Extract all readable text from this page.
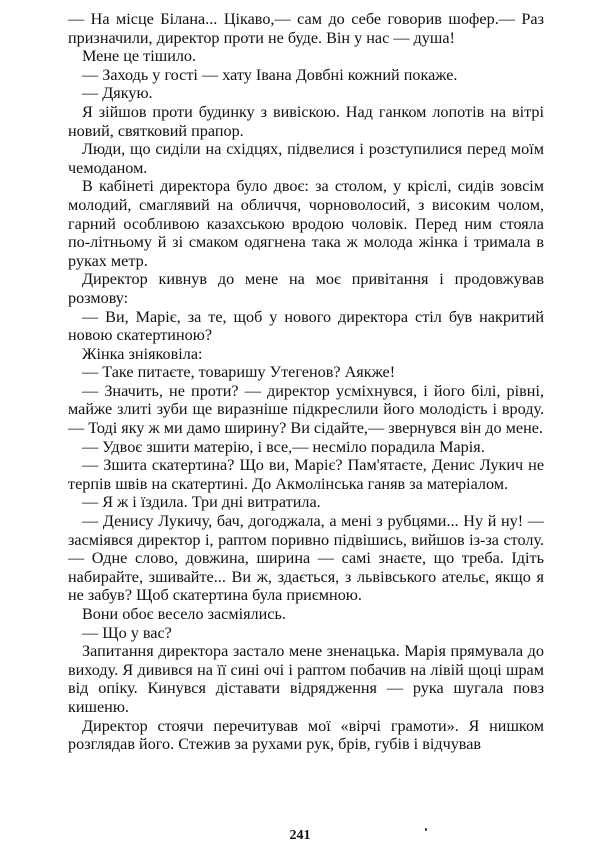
— На місце Білана... Цікаво,— сам до себе говорив шофер.— Раз призначили, директор проти не буде. Він у нас — душа!

Мене це тішило.

— Заходь у гості — хату Івана Довбні кожний покаже.

— Дякую.

Я зійшов проти будинку з вивіскою. Над ганком лопотів на вітрі новий, святковий прапор.

Люди, що сиділи на східцях, підвелися і розступилися перед моїм чемоданом.

В кабінеті директора було двоє: за столом, у кріслі, сидів зовсім молодий, смаглявий на обличчя, чорноволосий, з високим чолом, гарний особливою казахською вродою чоловік. Перед ним стояла по-літньому й зі смаком одягнена така ж молода жінка і тримала в руках метр.

Директор кивнув до мене на моє привітання і продовжував розмову:

— Ви, Маріє, за те, щоб у нового директора стіл був накритий новою скатертиною?

Жінка зніяковіла:

— Таке питаєте, товаришу Утегенов? Аякже!

— Значить, не проти? — директор усміхнувся, і його білі, рівні, майже злиті зуби ще виразніше підкреслили його молодість і вроду.— Тоді яку ж ми дамо ширину? Ви сідайте,— звернувся він до мене.

— Удвоє зшити матерію, і все,— несміло порадила Марія.

— Зшита скатертина? Що ви, Маріє? Пам'ятаєте, Денис Лукич не терпів швів на скатертині. До Акмолінська ганяв за матеріалом.

— Я ж і їздила. Три дні витратила.

— Денису Лукичу, бач, догоджала, а мені з рубцями... Ну й ну! — засміявся директор і, раптом поривно підвішись, вийшов із-за столу.— Одне слово, довжина, ширина — самі знаєте, що треба. Ідіть набирайте, зшивайте... Ви ж, здається, з львівського ательє, якщо я не забув? Щоб скатертина була приємною.

Вони обоє весело засміялись.

— Що у вас?

Запитання директора застало мене зненацька. Марія прямувала до виходу. Я дивився на її сині очі і раптом побачив на лівій щоці шрам від опіку. Кинувся діставати відрядження — рука шугала повз кишеню.

Директор стоячи перечитував мої «вірчі грамоти». Я нишком розглядав його. Стежив за рухами рук, брів, губів і відчував

241
